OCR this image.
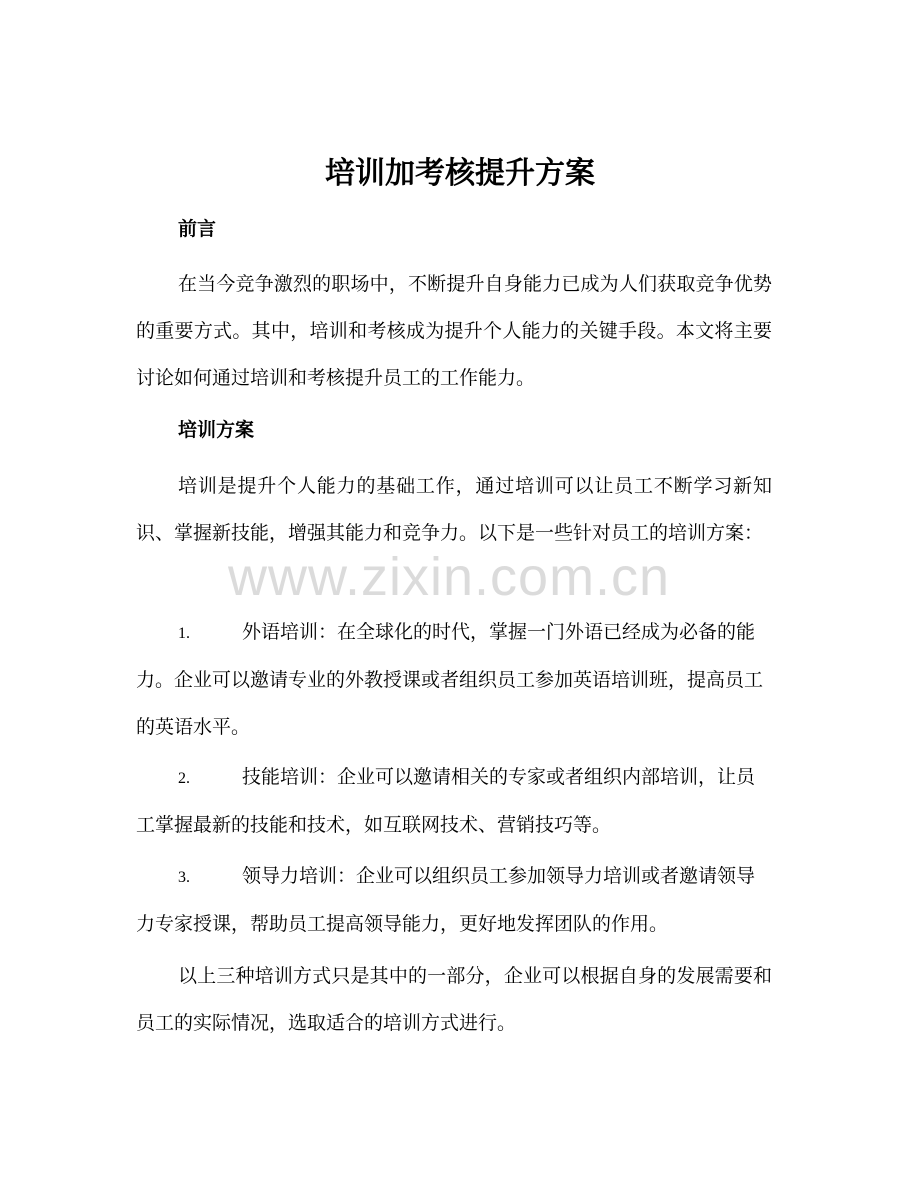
培训加考核提升方案
前言
在当今竞争激烈的职场中，不断提升自身能力已成为人们获取竞争优势的重要方式。其中，培训和考核成为提升个人能力的关键手段。本文将主要讨论如何通过培训和考核提升员工的工作能力。
培训方案
培训是提升个人能力的基础工作，通过培训可以让员工不断学习新知识、掌握新技能，增强其能力和竞争力。以下是一些针对员工的培训方案：
1.	外语培训：在全球化的时代，掌握一门外语已经成为必备的能力。企业可以邀请专业的外教授课或者组织员工参加英语培训班，提高员工的英语水平。
2.	技能培训：企业可以邀请相关的专家或者组织内部培训，让员工掌握最新的技能和技术，如互联网技术、营销技巧等。
3.	领导力培训：企业可以组织员工参加领导力培训或者邀请领导力专家授课，帮助员工提高领导能力，更好地发挥团队的作用。
以上三种培训方式只是其中的一部分，企业可以根据自身的发展需要和员工的实际情况，选取适合的培训方式进行。
www.zixin.com.cn
